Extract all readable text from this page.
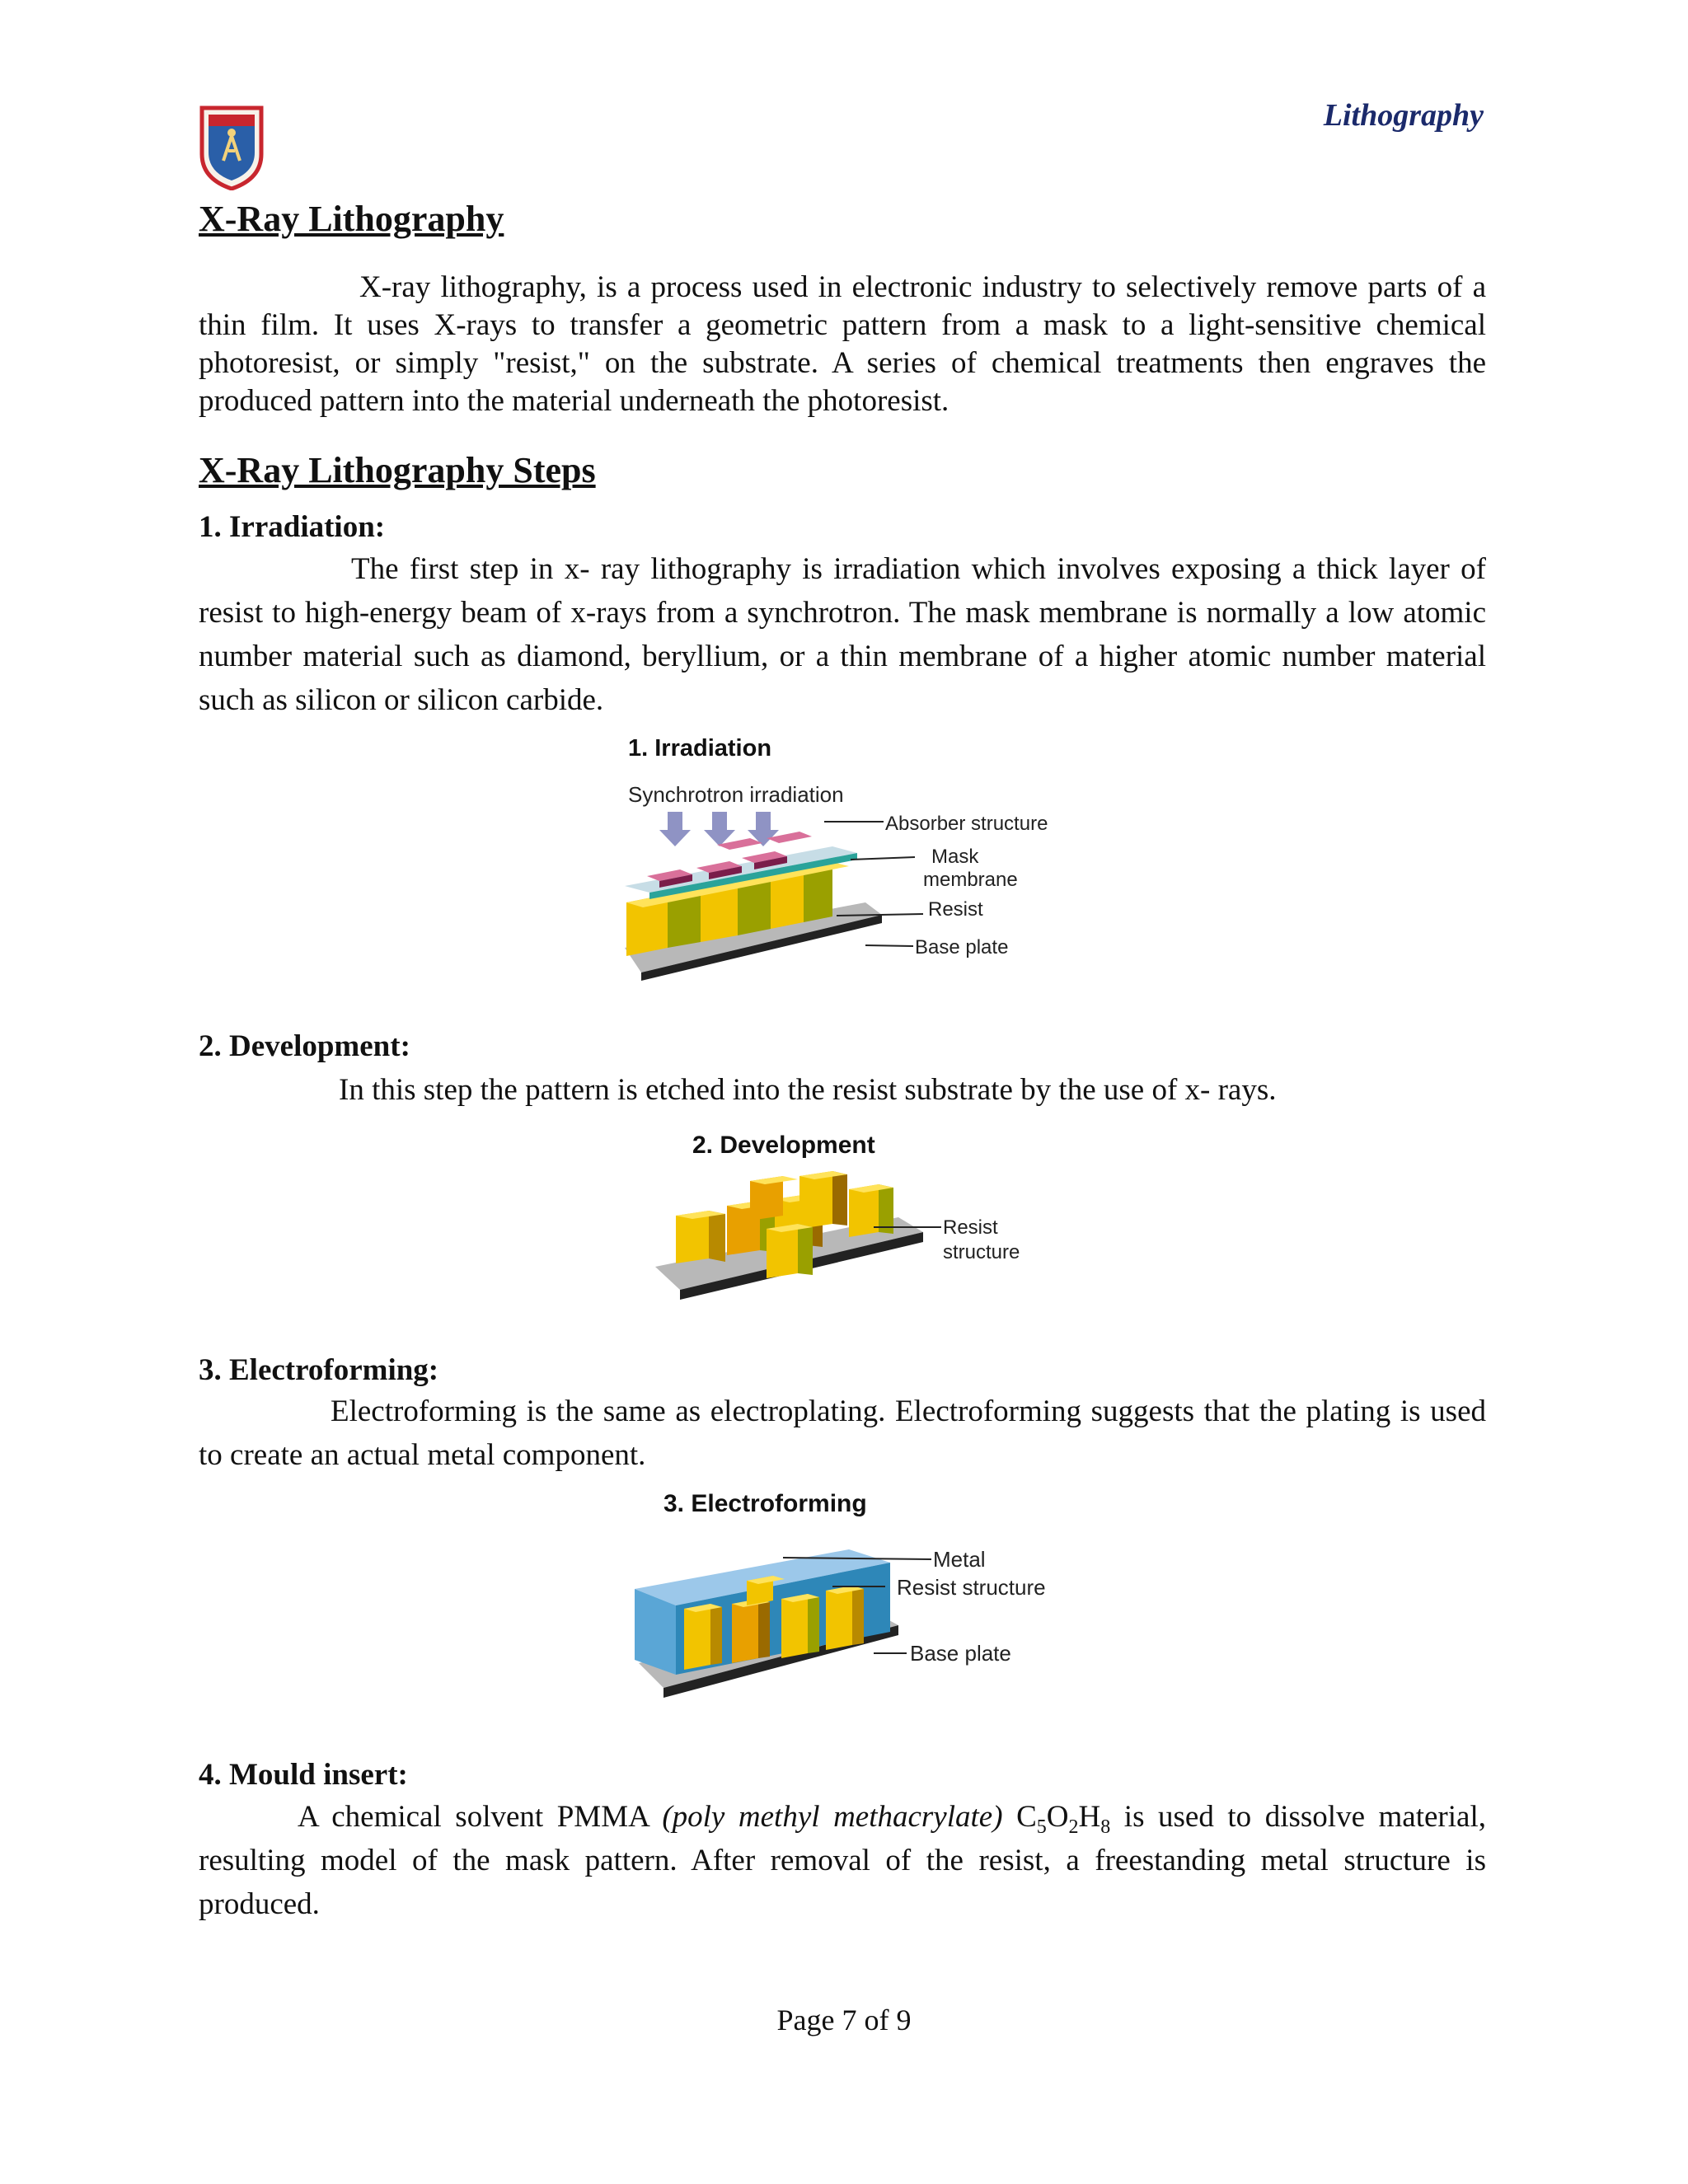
Lithography
X-Ray Lithography

X-ray lithography, is a process used in electronic industry to selectively remove parts of a thin film. It uses X-rays to transfer a geometric pattern from a mask to a light-sensitive chemical photoresist, or simply "resist," on the substrate. A series of chemical treatments then engraves the produced pattern into the material underneath the photoresist.

X-Ray Lithography Steps
1. Irradiation:

The first step in x- ray lithography is irradiation which involves exposing a thick layer of resist to high-energy beam of x-rays from a synchrotron. The mask membrane is normally a low atomic number material such as diamond, beryllium, or a thin membrane of a higher atomic number material such as silicon or silicon carbide.

1. Irradiation
Synchrotron irradiation
Absorber structure
Mask
membrane
Resist
Base plate
2. Development:

In this step the pattern is etched into the resist substrate by the use of x- rays.

2. Development
Resist
structure
3. Electroforming:

Electroforming is the same as electroplating. Electroforming suggests that the plating is used to create an actual metal component.

3. Electroforming
Metal
Resist structure
Base plate
4. Mould insert:

A chemical solvent PMMA (poly methyl methacrylate) $C_5O_2H_8$ is used to dissolve material, resulting model of the mask pattern. After removal of the resist, a freestanding metal structure is produced.

Page 7 of 9
